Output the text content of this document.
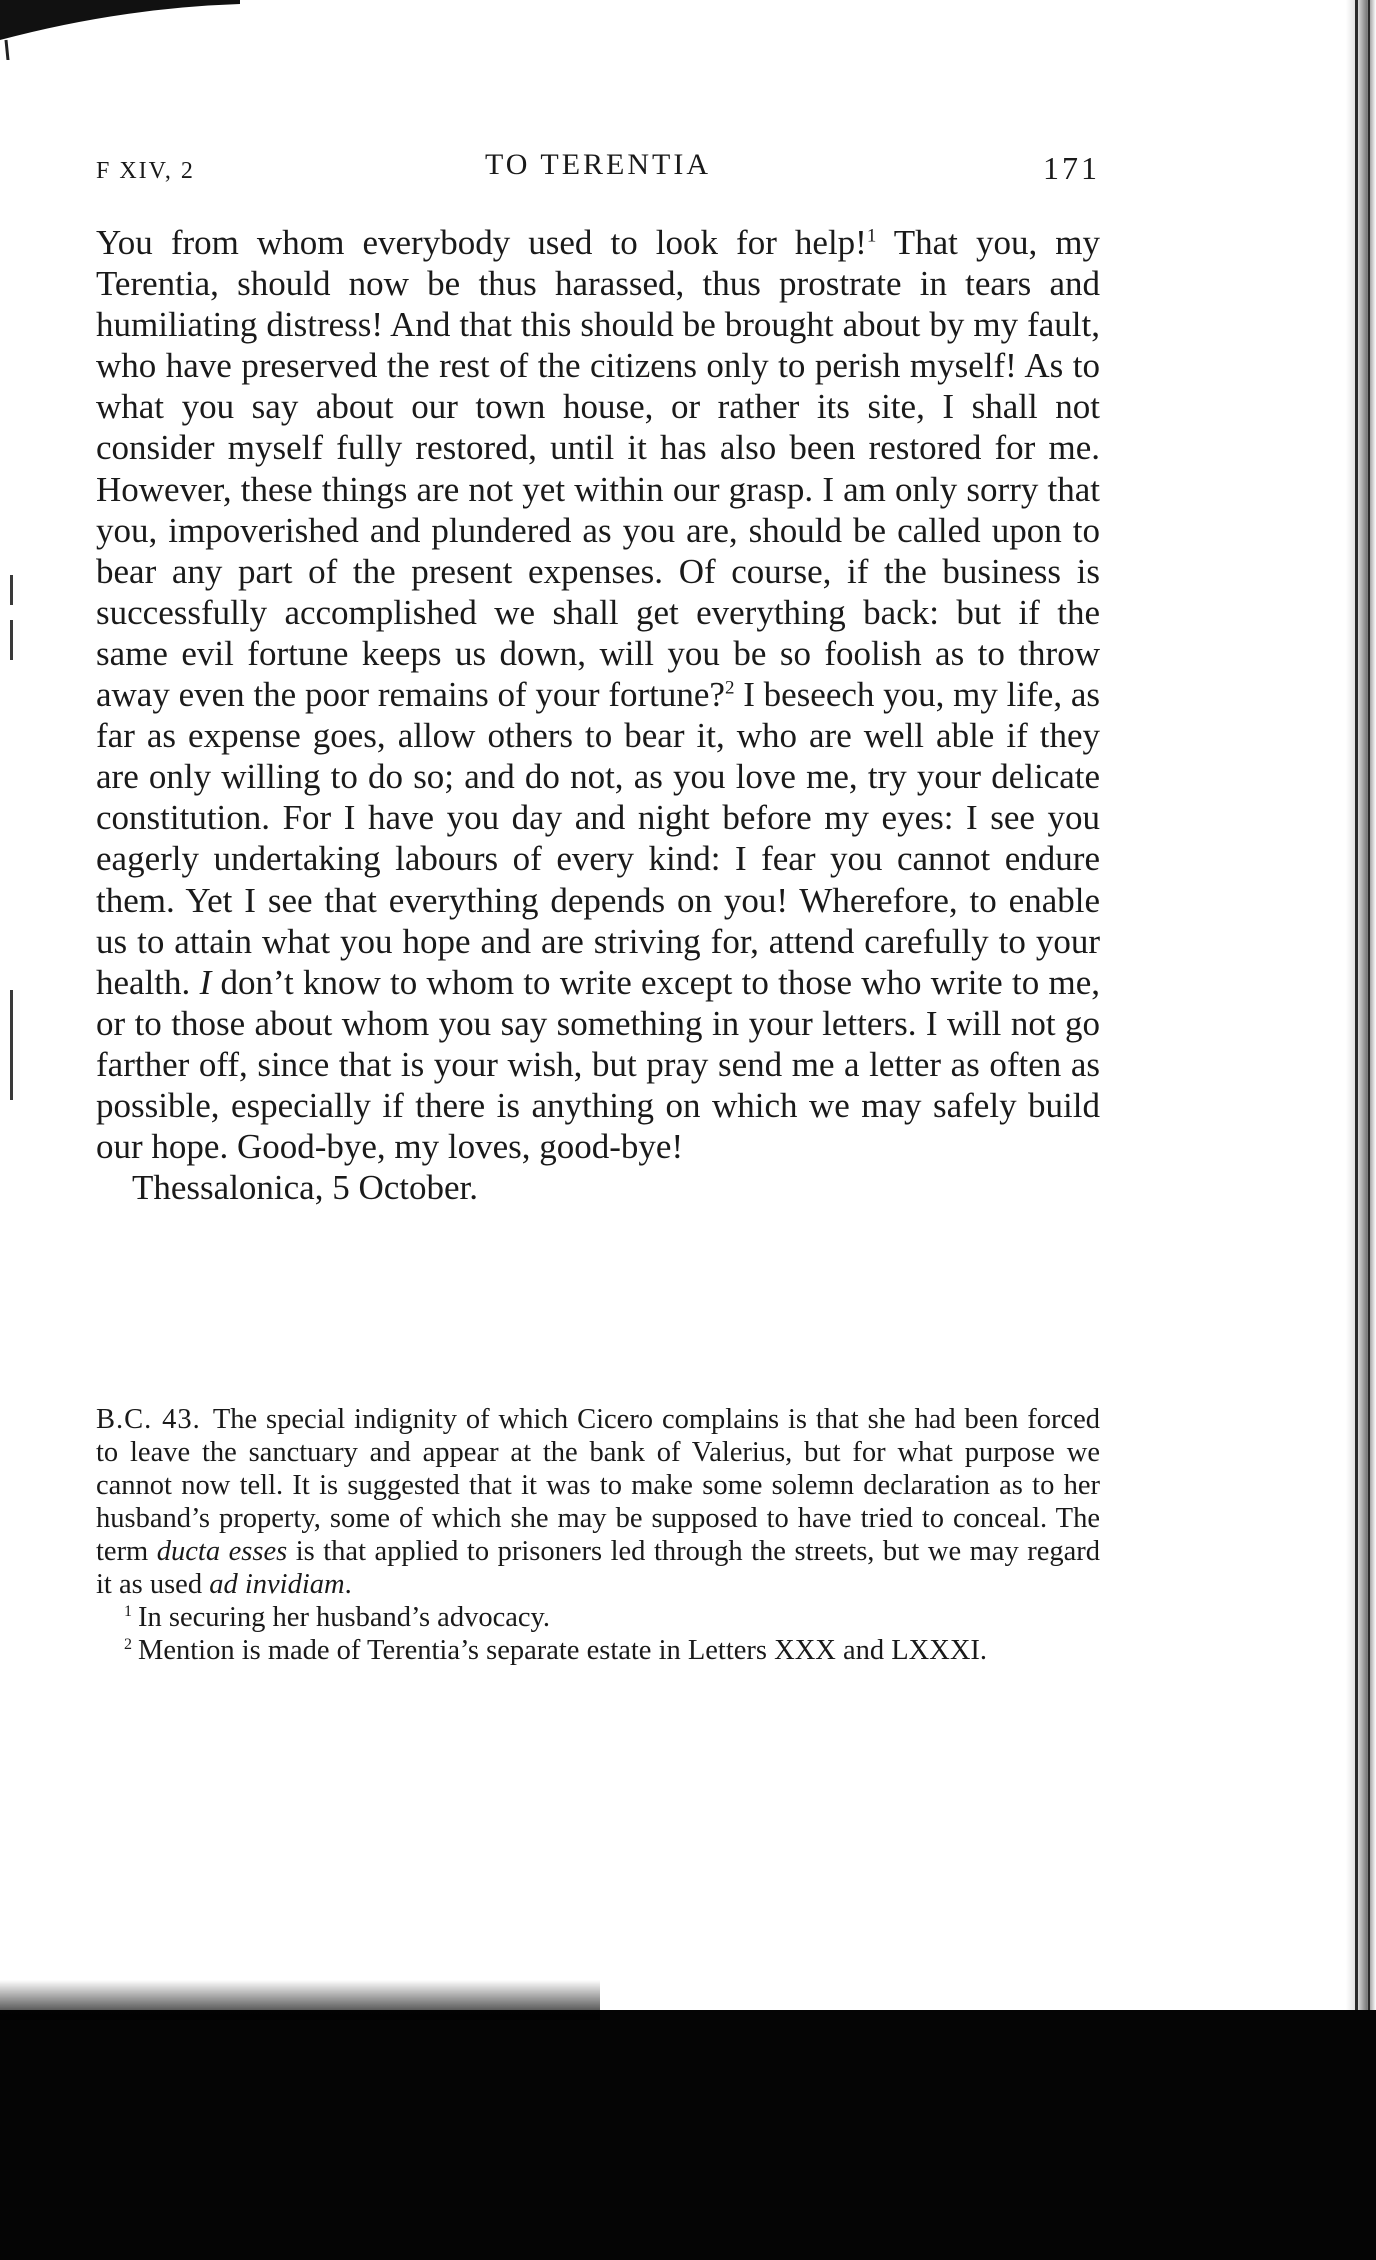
F XIV, 2	TO TERENTIA	171

You from whom everybody used to look for help!$^1$ That you, my Terentia, should now be thus harassed, thus prostrate in tears and humiliating distress! And that this should be brought about by my fault, who have preserved the rest of the citizens only to perish myself! As to what you say about our town house, or rather its site, I shall not consider myself fully restored, until it has also been restored for me. However, these things are not yet within our grasp. I am only sorry that you, impoverished and plundered as you are, should be called upon to bear any part of the present expenses. Of course, if the business is successfully accomplished we shall get everything back: but if the same evil fortune keeps us down, will you be so foolish as to throw away even the poor remains of your fortune?$^2$ I beseech you, my life, as far as expense goes, allow others to bear it, who are well able if they are only willing to do so; and do not, as you love me, try your delicate constitution. For I have you day and night before my eyes: I see you eagerly undertaking labours of every kind: I fear you cannot endure them. Yet I see that everything depends on you! Wherefore, to enable us to attain what you hope and are striving for, attend carefully to your health. I don’t know to whom to write except to those who write to me, or to those about whom you say something in your letters. I will not go farther off, since that is your wish, but pray send me a letter as often as possible, especially if there is anything on which we may safely build our hope. Good-bye, my loves, good-bye!

Thessalonica, 5 October.

B.C. 43. The special indignity of which Cicero complains is that she had been forced to leave the sanctuary and appear at the bank of Valerius, but for what purpose we cannot now tell. It is suggested that it was to make some solemn declaration as to her husband’s property, some of which she may be supposed to have tried to conceal. The term ducta esses is that applied to prisoners led through the streets, but we may regard it as used ad invidiam.

$^1$ In securing her husband’s advocacy.

$^2$ Mention is made of Terentia’s separate estate in Letters XXX and LXXXI.
